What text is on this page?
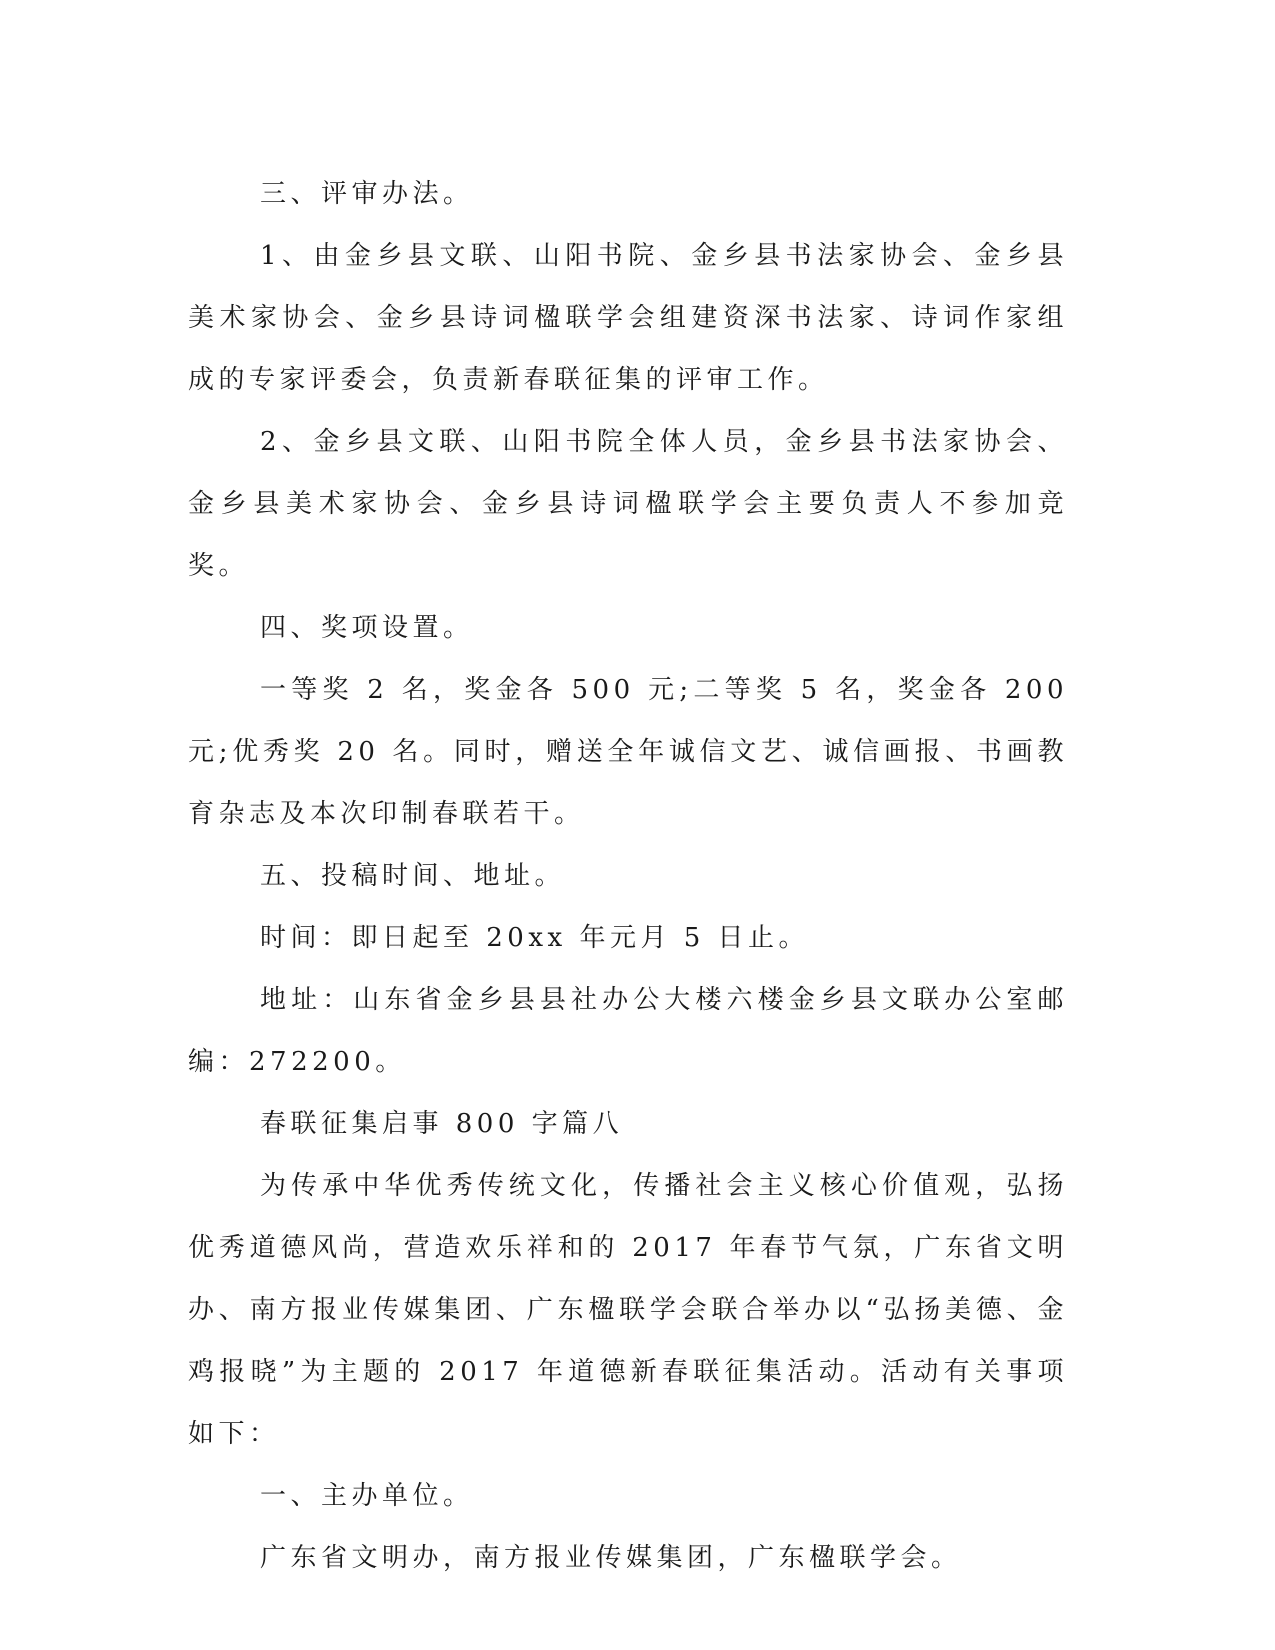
三、评审办法。

1、由金乡县文联、山阳书院、金乡县书法家协会、金乡县美术家协会、金乡县诗词楹联学会组建资深书法家、诗词作家组成的专家评委会，负责新春联征集的评审工作。

2、金乡县文联、山阳书院全体人员，金乡县书法家协会、金乡县美术家协会、金乡县诗词楹联学会主要负责人不参加竞奖。

四、奖项设置。

一等奖 2 名，奖金各 500 元;二等奖 5 名，奖金各 200 元;优秀奖 20 名。同时，赠送全年诚信文艺、诚信画报、书画教育杂志及本次印制春联若干。

五、投稿时间、地址。

时间：即日起至 20xx 年元月 5 日止。

地址：山东省金乡县县社办公大楼六楼金乡县文联办公室邮编：272200。

春联征集启事 800 字篇八

为传承中华优秀传统文化，传播社会主义核心价值观，弘扬优秀道德风尚，营造欢乐祥和的 2017 年春节气氛，广东省文明办、南方报业传媒集团、广东楹联学会联合举办以“弘扬美德、金鸡报晓”为主题的 2017 年道德新春联征集活动。活动有关事项如下：

一、主办单位。

广东省文明办，南方报业传媒集团，广东楹联学会。
